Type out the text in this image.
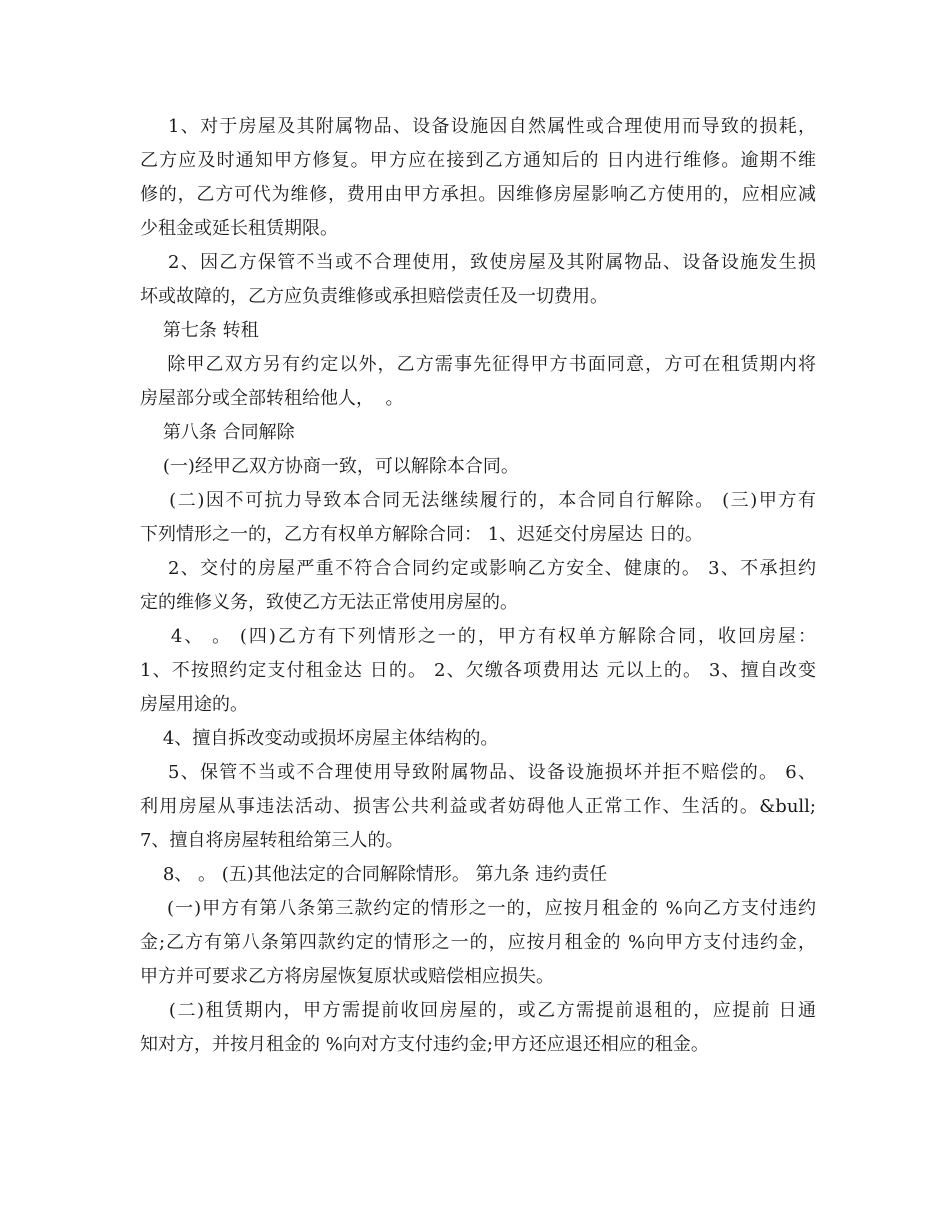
1、对于房屋及其附属物品、设备设施因自然属性或合理使用而导致的损耗，
乙方应及时通知甲方修复。甲方应在接到乙方通知后的 日内进行维修。逾期不维
修的，乙方可代为维修，费用由甲方承担。因维修房屋影响乙方使用的，应相应减
少租金或延长租赁期限。
2、因乙方保管不当或不合理使用，致使房屋及其附属物品、设备设施发生损
坏或故障的，乙方应负责维修或承担赔偿责任及一切费用。
第七条 转租
除甲乙双方另有约定以外，乙方需事先征得甲方书面同意，方可在租赁期内将
房屋部分或全部转租给他人，  。
第八条 合同解除
(一)经甲乙双方协商一致，可以解除本合同。
(二)因不可抗力导致本合同无法继续履行的，本合同自行解除。 (三)甲方有
下列情形之一的，乙方有权单方解除合同： 1、迟延交付房屋达 日的。
2、交付的房屋严重不符合合同约定或影响乙方安全、健康的。 3、不承担约
定的维修义务，致使乙方无法正常使用房屋的。
4、 。 (四)乙方有下列情形之一的，甲方有权单方解除合同，收回房屋：
1、不按照约定支付租金达 日的。 2、欠缴各项费用达 元以上的。 3、擅自改变
房屋用途的。
4、擅自拆改变动或损坏房屋主体结构的。
5、保管不当或不合理使用导致附属物品、设备设施损坏并拒不赔偿的。 6、
利用房屋从事违法活动、损害公共利益或者妨碍他人正常工作、生活的。&bull;
7、擅自将房屋转租给第三人的。
8、 。 (五)其他法定的合同解除情形。 第九条 违约责任
(一)甲方有第八条第三款约定的情形之一的，应按月租金的 %向乙方支付违约
金;乙方有第八条第四款约定的情形之一的，应按月租金的 %向甲方支付违约金，
甲方并可要求乙方将房屋恢复原状或赔偿相应损失。
(二)租赁期内，甲方需提前收回房屋的，或乙方需提前退租的，应提前 日通
知对方，并按月租金的 %向对方支付违约金;甲方还应退还相应的租金。
